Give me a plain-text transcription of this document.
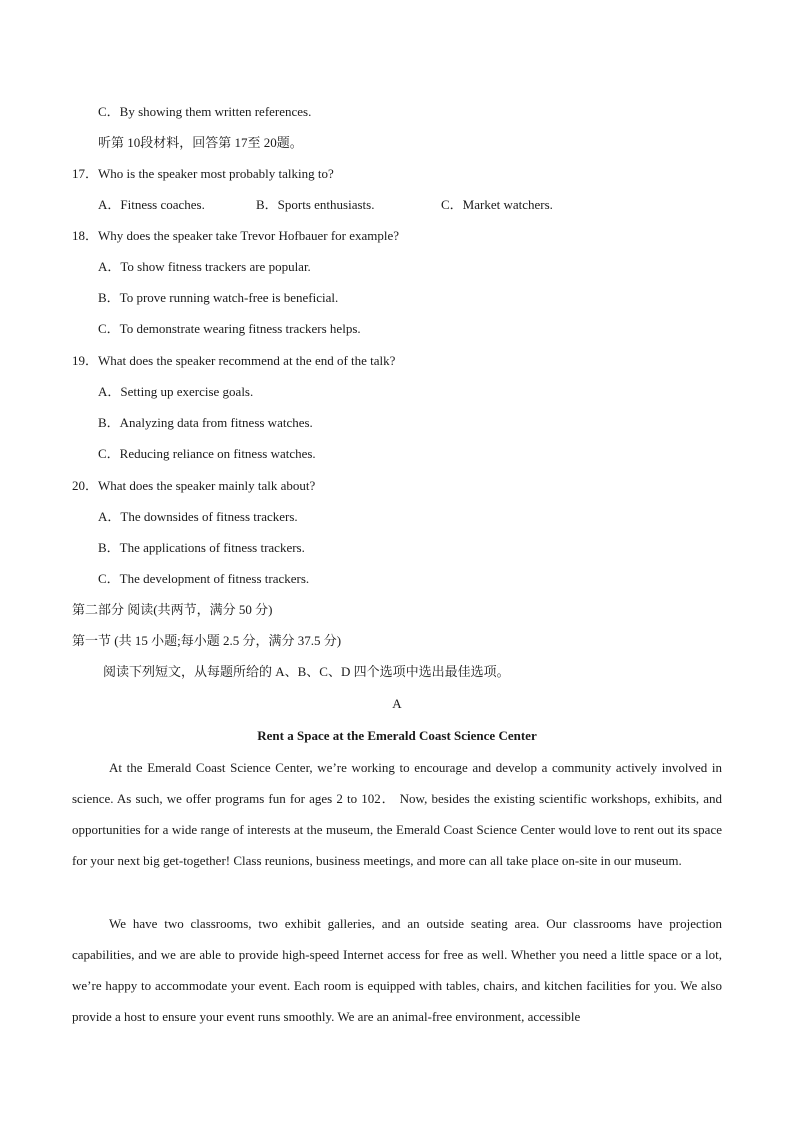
C．By showing them written references.
听第 10段材料，回答第 17至 20题。
17．Who is the speaker most probably talking to?
A．Fitness coaches.	B．Sports enthusiasts.	C．Market watchers.
18．Why does the speaker take Trevor Hofbauer for example?
A．To show fitness trackers are popular.
B．To prove running watch-free is beneficial.
C．To demonstrate wearing fitness trackers helps.
19．What does the speaker recommend at the end of the talk?
A．Setting up exercise goals.
B．Analyzing data from fitness watches.
C．Reducing reliance on fitness watches.
20．What does the speaker mainly talk about?
A．The downsides of fitness trackers.
B．The applications of fitness trackers.
C．The development of fitness trackers.
第二部分 阅读(共两节，满分 50 分)
第一节 (共 15 小题;每小题 2.5 分，满分 37.5 分)
阅读下列短文，从每题所给的 A、B、C、D 四个选项中选出最佳选项。
A
Rent a Space at the Emerald Coast Science Center

At the Emerald Coast Science Center, we’re working to encourage and develop a community actively involved in science. As such, we offer programs fun for ages 2 to 102． Now, besides the existing scientific workshops, exhibits, and opportunities for a wide range of interests at the museum, the Emerald Coast Science Center would love to rent out its space for your next big get-together! Class reunions, business meetings, and more can all take place on-site in our museum.

We have two classrooms, two exhibit galleries, and an outside seating area. Our classrooms have projection capabilities, and we are able to provide high-speed Internet access for free as well. Whether you need a little space or a lot, we’re happy to accommodate your event. Each room is equipped with tables, chairs, and kitchen facilities for you. We also provide a host to ensure your event runs smoothly. We are an animal-free environment, accessible
